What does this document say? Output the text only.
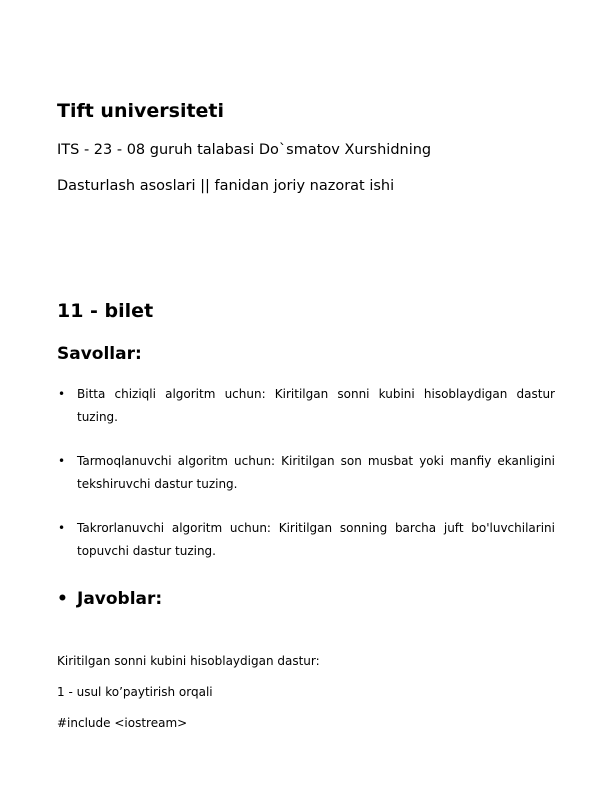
Tift universiteti
ITS - 23 - 08 guruh talabasi Do`smatov Xurshidning
Dasturlash asoslari || fanidan joriy nazorat ishi
11 - bilet
Savollar:
• Bitta chiziqli algoritm uchun: Kiritilgan sonni kubini hisoblaydigan dastur tuzing.
• Tarmoqlanuvchi algoritm uchun: Kiritilgan son musbat yoki manfiy ekanligini tekshiruvchi dastur tuzing.
• Takrorlanuvchi algoritm uchun: Kiritilgan sonning barcha juft bo'luvchilarini topuvchi dastur tuzing.
• Javoblar:
Kiritilgan sonni kubini hisoblaydigan dastur:
1 - usul ko’paytirish orqali
#include <iostream>
